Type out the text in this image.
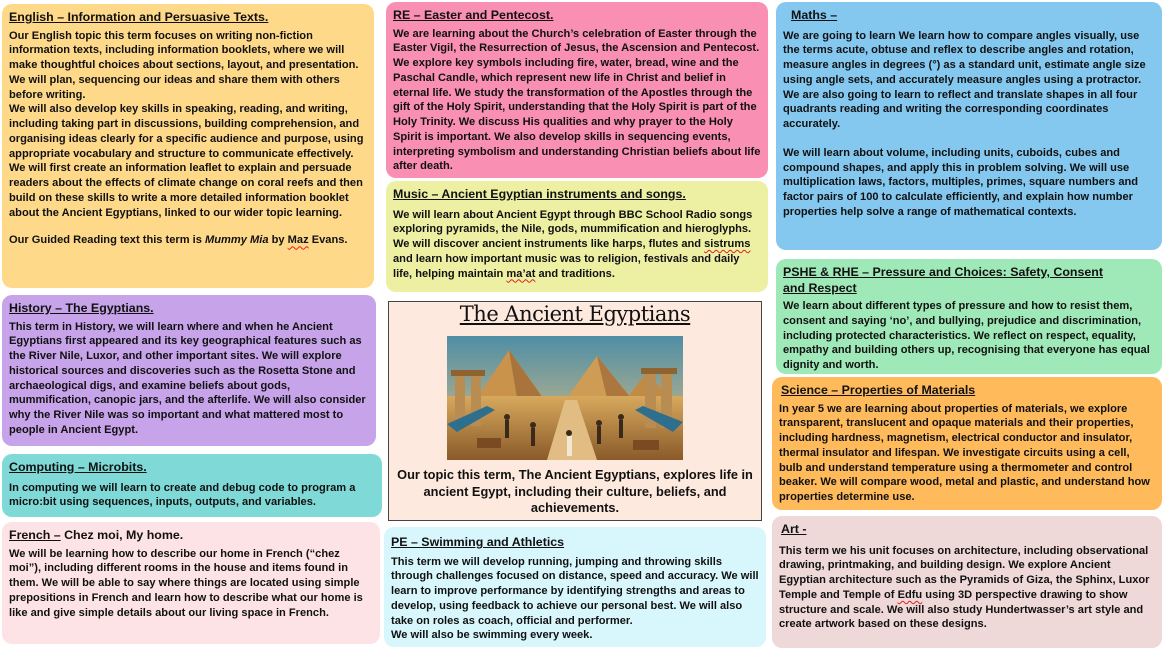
English – Information and Persuasive Texts.

Our English topic this term focuses on writing non-fiction information texts, including information booklets, where we will make thoughtful choices about sections, layout, and presentation. We will plan, sequencing our ideas and share them with others before writing.

We will also develop key skills in speaking, reading, and writing, including taking part in discussions, building comprehension, and organising ideas clearly for a specific audience and purpose, using appropriate vocabulary and structure to communicate effectively.

We will first create an information leaflet to explain and persuade readers about the effects of climate change on coral reefs and then build on these skills to write a more detailed information booklet about the Ancient Egyptians, linked to our wider topic learning.

Our Guided Reading text this term is Mummy Mia by Maz Evans.

History – The Egyptians.

This term in History, we will learn where and when he Ancient Egyptians first appeared and its key geographical features such as the River Nile, Luxor, and other important sites. We will explore historical sources and discoveries such as the Rosetta Stone and archaeological digs, and examine beliefs about gods, mummification, canopic jars, and the afterlife. We will also consider why the River Nile was so important and what mattered most to people in Ancient Egypt.

Computing – Microbits.

In computing we will learn to create and debug code to program a micro:bit using sequences, inputs, outputs, and variables.

French – Chez moi, My home.

We will be learning how to describe our home in French (“chez moi”), including different rooms in the house and items found in them. We will be able to say where things are located using simple prepositions in French and learn how to describe what our home is like and give simple details about our living space in French.

RE – Easter and Pentecost.

We are learning about the Church’s celebration of Easter through the Easter Vigil, the Resurrection of Jesus, the Ascension and Pentecost. We explore key symbols including fire, water, bread, wine and the Paschal Candle, which represent new life in Christ and belief in eternal life. We study the transformation of the Apostles through the gift of the Holy Spirit, understanding that the Holy Spirit is part of the Holy Trinity. We discuss His qualities and why prayer to the Holy Spirit is important. We also develop skills in sequencing events, interpreting symbolism and understanding Christian beliefs about life after death.

Music – Ancient Egyptian instruments and songs.

We will learn about Ancient Egypt through BBC School Radio songs exploring pyramids, the Nile, gods, mummification and hieroglyphs. We will discover ancient instruments like harps, flutes and sistrums and learn how important music was to religion, festivals and daily life, helping maintain ma’at and traditions.

The Ancient Egyptians

Our topic this term, The Ancient Egyptians, explores life in ancient Egypt, including their culture, beliefs, and achievements.

PE – Swimming and Athletics

This term we will develop running, jumping and throwing skills through challenges focused on distance, speed and accuracy. We will learn to improve performance by identifying strengths and areas to develop, using feedback to achieve our personal best. We will also take on roles as coach, official and performer.

We will also be swimming every week.

Maths –

We are going to learn We learn how to compare angles visually, use the terms acute, obtuse and reflex to describe angles and rotation, measure angles in degrees (°) as a standard unit, estimate angle size using angle sets, and accurately measure angles using a protractor.

We are also going to learn to reflect and translate shapes in all four quadrants reading and writing the corresponding coordinates accurately.

We will learn about volume, including units, cuboids, cubes and compound shapes, and apply this in problem solving. We will use multiplication laws, factors, multiples, primes, square numbers and factor pairs of 100 to calculate efficiently, and explain how number properties help solve a range of mathematical contexts.

PSHE & RHE – Pressure and Choices: Safety, Consent and Respect

We learn about different types of pressure and how to resist them, consent and saying ‘no’, and bullying, prejudice and discrimination, including protected characteristics. We reflect on respect, equality, empathy and building others up, recognising that everyone has equal dignity and worth.

Science – Properties of Materials

In year 5 we are learning about properties of materials, we explore transparent, translucent and opaque materials and their properties, including hardness, magnetism, electrical conductor and insulator, thermal insulator and lifespan. We investigate circuits using a cell, bulb and understand temperature using a thermometer and control beaker. We will compare wood, metal and plastic, and understand how properties determine use.

Art -

This term we his unit focuses on architecture, including observational drawing, printmaking, and building design. We explore Ancient Egyptian architecture such as the Pyramids of Giza, the Sphinx, Luxor Temple and Temple of Edfu using 3D perspective drawing to show structure and scale. We will also study Hundertwasser’s art style and create artwork based on these designs.
